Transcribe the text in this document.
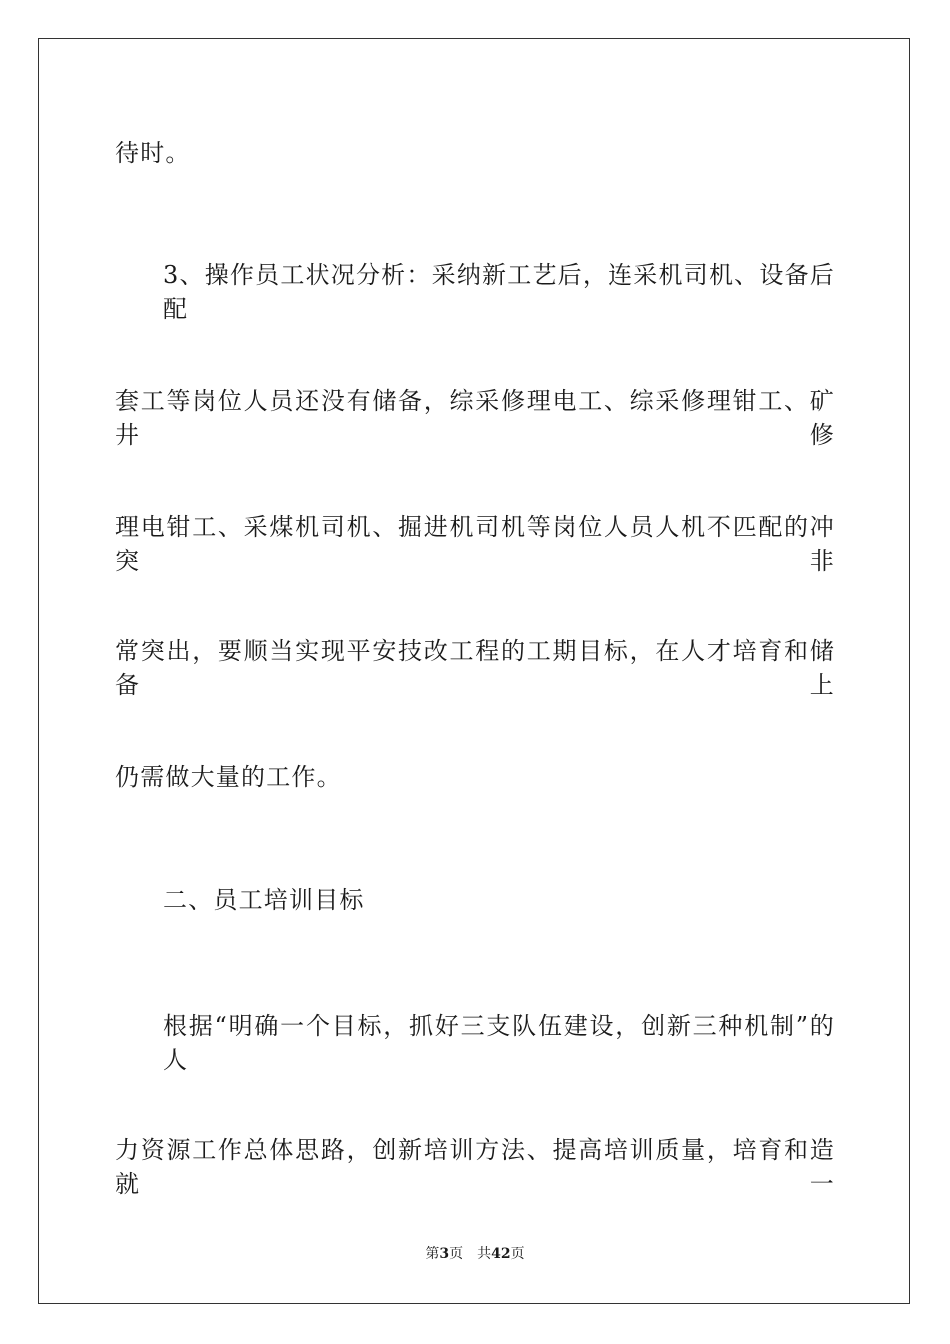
待时。
3、操作员工状况分析：采纳新工艺后，连采机司机、设备后配
套工等岗位人员还没有储备，综采修理电工、综采修理钳工、矿井修
理电钳工、采煤机司机、掘进机司机等岗位人员人机不匹配的冲突非
常突出，要顺当实现平安技改工程的工期目标，在人才培育和储备上
仍需做大量的工作。
二、员工培训目标
根据“明确一个目标，抓好三支队伍建设，创新三种机制”的人
力资源工作总体思路，创新培训方法、提高培训质量，培育和造就一
第3页 共42页
